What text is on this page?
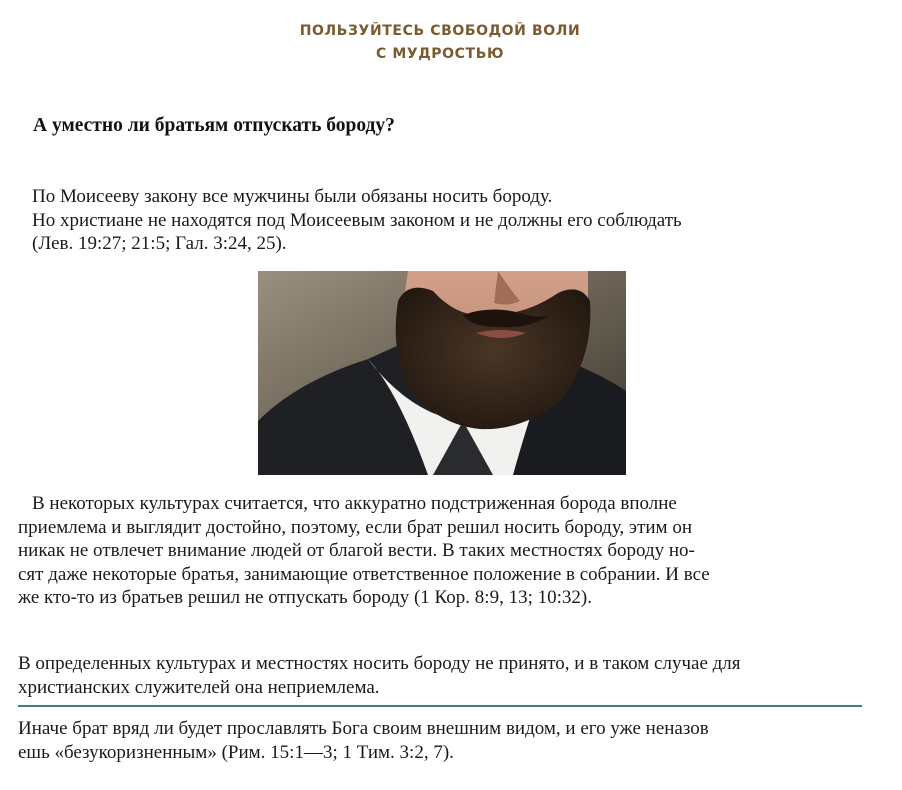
ПОЛЬЗУЙТЕСЬ СВОБОДОЙ ВОЛИ
С МУДРОСТЬЮ
А уместно ли братьям отпускать бороду?
По Моисееву закону все мужчины были обязаны носить бороду.
Но христиане не находятся под Моисеевым законом и не должны его соблюдать
(Лев. 19:27; 21:5; Гал. 3:24, 25).
В некоторых культурах считается, что аккуратно подстриженная борода вполне
приемлема и выглядит достойно, поэтому, если брат решил носить бороду, этим он
никак не отвлечет внимание людей от благой вести. В таких местностях бороду но-
сят даже некоторые братья, занимающие ответственное положение в собрании. И все
же кто-то из братьев решил не отпускать бороду (1 Кор. 8:9, 13; 10:32).
В определенных культурах и местностях носить бороду не принято, и в таком случае для
христианских служителей она неприемлема.
Иначе брат вряд ли будет прославлять Бога своим внешним видом, и его уже неназов
ешь «безукоризненным» (Рим. 15:1—3; 1 Тим. 3:2, 7).
